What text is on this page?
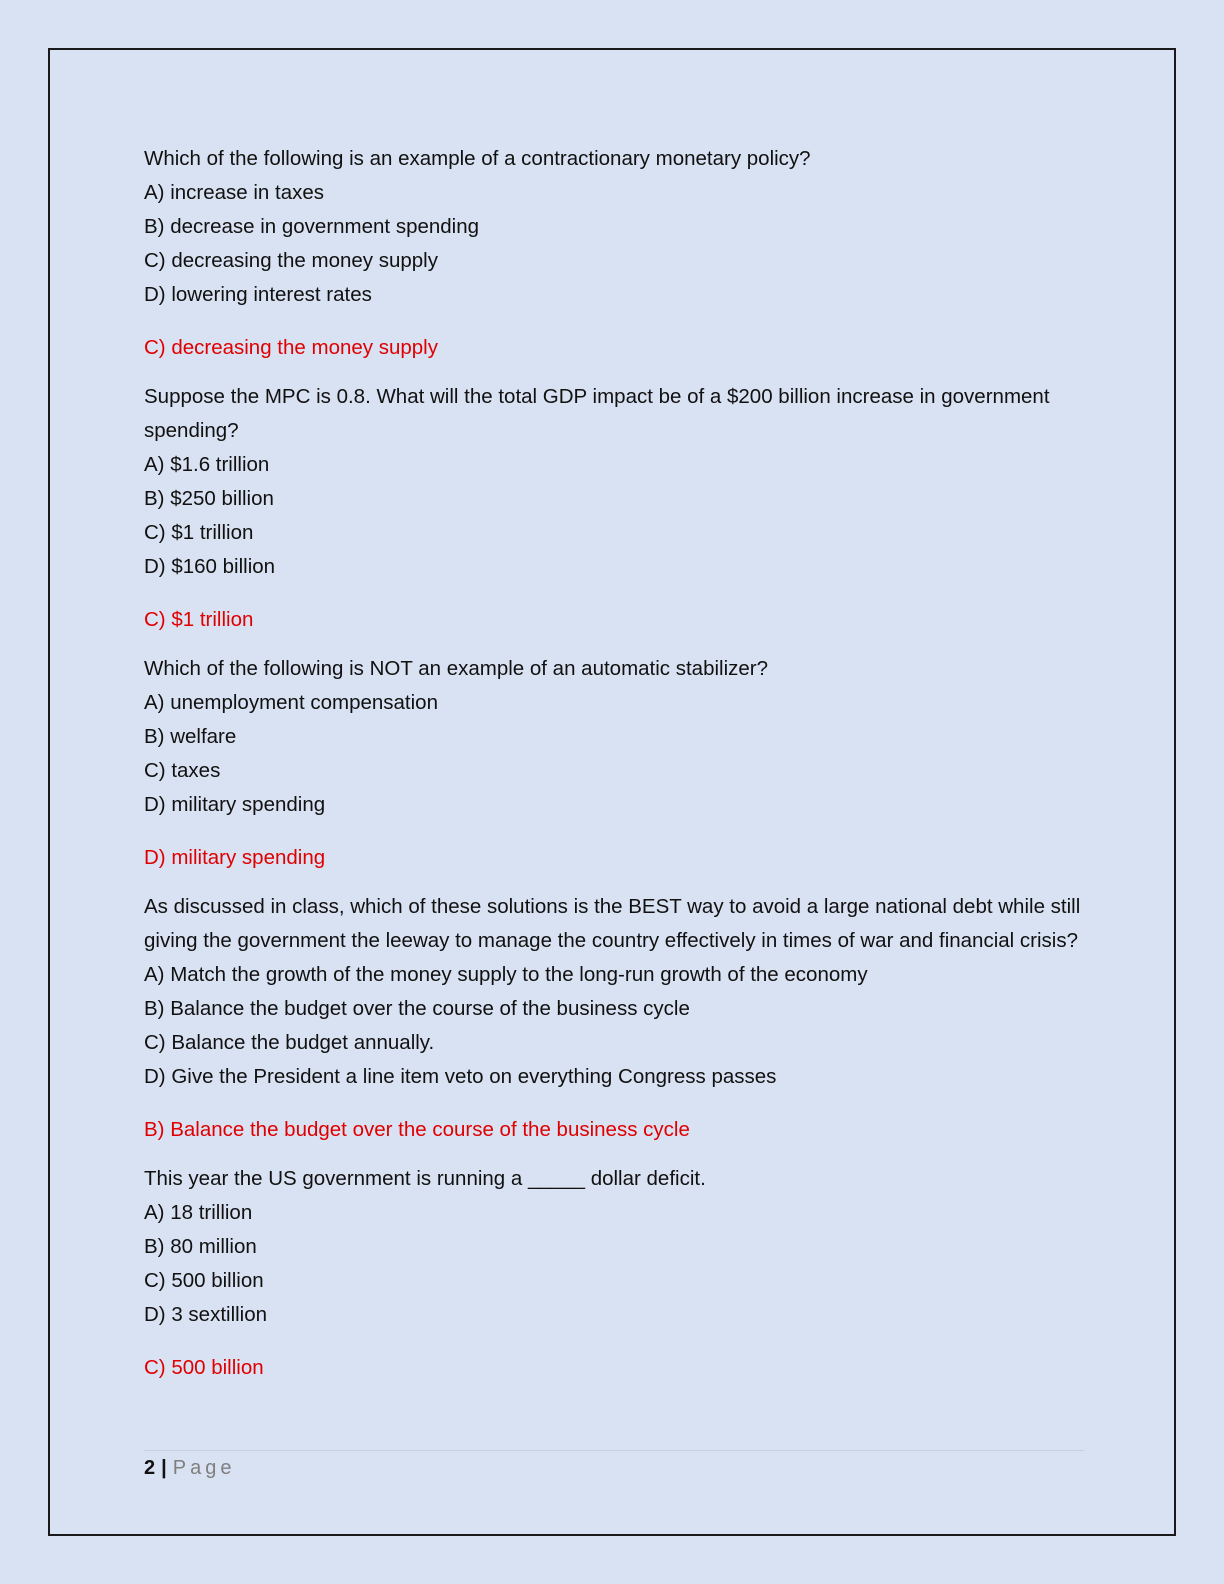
Which of the following is an example of a contractionary monetary policy?

A) increase in taxes

B) decrease in government spending

C) decreasing the money supply

D) lowering interest rates

C) decreasing the money supply

Suppose the MPC is 0.8. What will the total GDP impact be of a $200 billion increase in government spending?

A) $1.6 trillion

B) $250 billion

C) $1 trillion

D) $160 billion

C) $1 trillion

Which of the following is NOT an example of an automatic stabilizer?

A) unemployment compensation

B) welfare

C) taxes

D) military spending

D) military spending

As discussed in class, which of these solutions is the BEST way to avoid a large national debt while still giving the government the leeway to manage the country effectively in times of war and financial crisis?

A) Match the growth of the money supply to the long-run growth of the economy

B) Balance the budget over the course of the business cycle

C) Balance the budget annually.

D) Give the President a line item veto on everything Congress passes

B) Balance the budget over the course of the business cycle

This year the US government is running a _____ dollar deficit.

A) 18 trillion

B) 80 million

C) 500 billion

D) 3 sextillion

C) 500 billion

2 | Page
